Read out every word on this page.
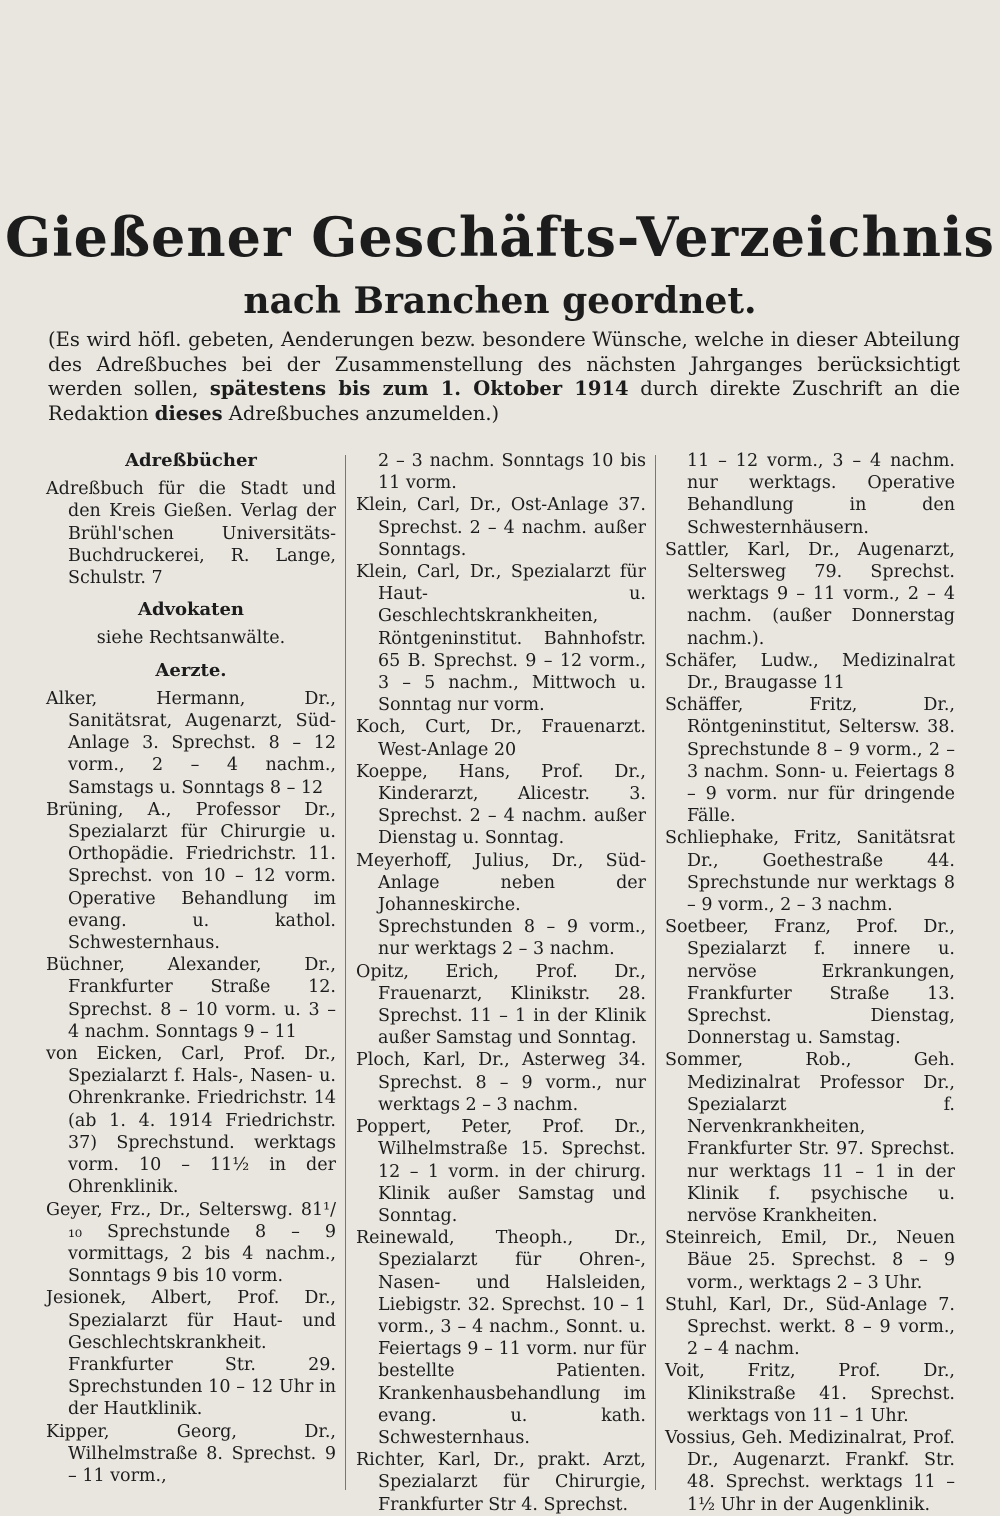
Gießener Geschäfts-Verzeichnis
nach Branchen geordnet.
(Es wird höfl. gebeten, Aenderungen bezw. besondere Wünsche, welche in dieser Abteilung des Adreßbuches bei der Zusammenstellung des nächsten Jahrganges berücksichtigt werden sollen, spätestens bis zum 1. Oktober 1914 durch direkte Zuschrift an die Redaktion dieses Adreßbuches anzumelden.)
Adreßbücher

Adreßbuch für die Stadt und den Kreis Gießen. Verlag der Brühl'schen Universitäts-Buchdruckerei, R. Lange, Schulstr. 7

Advokaten
siehe Rechtsanwälte.
Aerzte.

Alker, Hermann, Dr., Sanitätsrat, Augenarzt, Süd-Anlage 3. Sprechst. 8 – 12 vorm., 2 – 4 nachm., Samstags u. Sonntags 8 – 12

Brüning, A., Professor Dr., Spezialarzt für Chirurgie u. Orthopädie. Friedrichstr. 11. Sprechst. von 10 – 12 vorm. Operative Behandlung im evang. u. kathol. Schwesternhaus.

Büchner, Alexander, Dr., Frankfurter Straße 12. Sprechst. 8 – 10 vorm. u. 3 – 4 nachm. Sonntags 9 – 11

von Eicken, Carl, Prof. Dr., Spezialarzt f. Hals-, Nasen- u. Ohrenkranke. Friedrichstr. 14 (ab 1. 4. 1914 Friedrichstr. 37) Sprechstund. werktags vorm. 10 – 11½ in der Ohrenklinik.

Geyer, Frz., Dr., Selterswg. 81¹/₁₀ Sprechstunde 8 – 9 vormittags, 2 bis 4 nachm., Sonntags 9 bis 10 vorm.

Jesionek, Albert, Prof. Dr., Spezialarzt für Haut- und Geschlechtskrankheit. Frankfurter Str. 29. Sprechstunden 10 – 12 Uhr in der Hautklinik.

Kipper, Georg, Dr., Wilhelmstraße 8. Sprechst. 9 – 11 vorm.,

2 – 3 nachm. Sonntags 10 bis 11 vorm.

Klein, Carl, Dr., Ost-Anlage 37. Sprechst. 2 – 4 nachm. außer Sonntags.

Klein, Carl, Dr., Spezialarzt für Haut- u. Geschlechtskrankheiten, Röntgeninstitut. Bahnhofstr. 65 B. Sprechst. 9 – 12 vorm., 3 – 5 nachm., Mittwoch u. Sonntag nur vorm.

Koch, Curt, Dr., Frauenarzt. West-Anlage 20

Koeppe, Hans, Prof. Dr., Kinderarzt, Alicestr. 3. Sprechst. 2 – 4 nachm. außer Dienstag u. Sonntag.

Meyerhoff, Julius, Dr., Süd-Anlage neben der Johanneskirche. Sprechstunden 8 – 9 vorm., nur werktags 2 – 3 nachm.

Opitz, Erich, Prof. Dr., Frauenarzt, Klinikstr. 28. Sprechst. 11 – 1 in der Klinik außer Samstag und Sonntag.

Ploch, Karl, Dr., Asterweg 34. Sprechst. 8 – 9 vorm., nur werktags 2 – 3 nachm.

Poppert, Peter, Prof. Dr., Wilhelmstraße 15. Sprechst. 12 – 1 vorm. in der chirurg. Klinik außer Samstag und Sonntag.

Reinewald, Theoph., Dr., Spezialarzt für Ohren-, Nasen- und Halsleiden, Liebigstr. 32. Sprechst. 10 – 1 vorm., 3 – 4 nachm., Sonnt. u. Feiertags 9 – 11 vorm. nur für bestellte Patienten. Krankenhausbehandlung im evang. u. kath. Schwesternhaus.

Richter, Karl, Dr., prakt. Arzt, Spezialarzt für Chirurgie, Frankfurter Str 4. Sprechst.

11 – 12 vorm., 3 – 4 nachm. nur werktags. Operative Behandlung in den Schwesternhäusern.

Sattler, Karl, Dr., Augenarzt, Seltersweg 79. Sprechst. werktags 9 – 11 vorm., 2 – 4 nachm. (außer Donnerstag nachm.).

Schäfer, Ludw., Medizinalrat Dr., Braugasse 11

Schäffer, Fritz, Dr., Röntgeninstitut, Seltersw. 38. Sprechstunde 8 – 9 vorm., 2 – 3 nachm. Sonn- u. Feiertags 8 – 9 vorm. nur für dringende Fälle.

Schliephake, Fritz, Sanitätsrat Dr., Goethestraße 44. Sprechstunde nur werktags 8 – 9 vorm., 2 – 3 nachm.

Soetbeer, Franz, Prof. Dr., Spezialarzt f. innere u. nervöse Erkrankungen, Frankfurter Straße 13. Sprechst. Dienstag, Donnerstag u. Samstag.

Sommer, Rob., Geh. Medizinalrat Professor Dr., Spezialarzt f. Nervenkrankheiten, Frankfurter Str. 97. Sprechst. nur werktags 11 – 1 in der Klinik f. psychische u. nervöse Krankheiten.

Steinreich, Emil, Dr., Neuen Bäue 25. Sprechst. 8 – 9 vorm., werktags 2 – 3 Uhr.

Stuhl, Karl, Dr., Süd-Anlage 7. Sprechst. werkt. 8 – 9 vorm., 2 – 4 nachm.

Voit, Fritz, Prof. Dr., Klinikstraße 41. Sprechst. werktags von 11 – 1 Uhr.

Vossius, Geh. Medizinalrat, Prof. Dr., Augenarzt. Frankf. Str. 48. Sprechst. werktags 11 – 1½ Uhr in der Augenklinik.
